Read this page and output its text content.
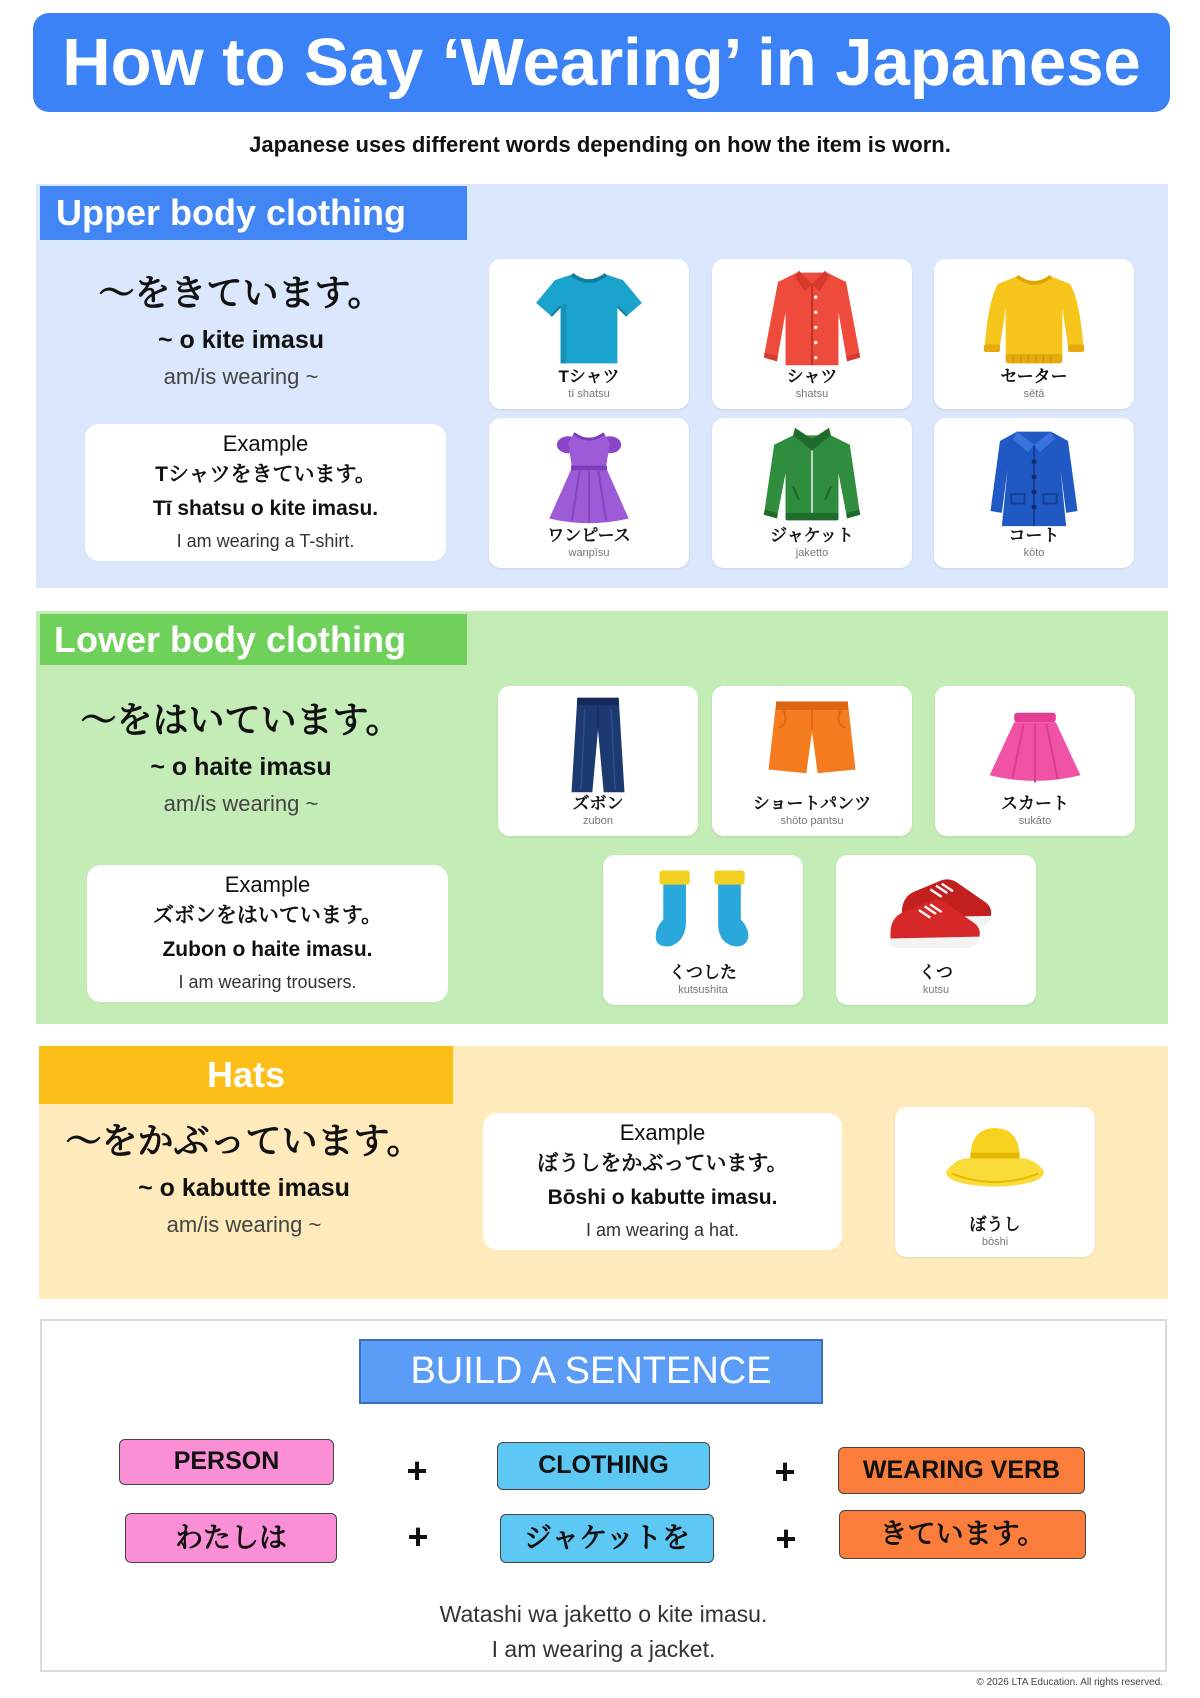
How to Say ‘Wearing’ in Japanese
Japanese uses different words depending on how the item is worn.
Upper body clothing
〜をきています。
~ o kite imasu
am/is wearing ~
Example
Tシャツをきています。
Tī shatsu o kite imasu.
I am wearing a T-shirt.
Tシャツ
tī shatsu
シャツ
shatsu
セーター
sētā
ワンピース
wanpīsu
ジャケット
jaketto
コート
kōto
Lower body clothing
〜をはいています。
~ o haite imasu
am/is wearing ~
Example
ズボンをはいています。
Zubon o haite imasu.
I am wearing trousers.
ズボン
zubon
ショートパンツ
shōto pantsu
スカート
sukāto
くつした
kutsushita
くつ
kutsu
Hats
〜をかぶっています。
~ o kabutte imasu
am/is wearing ~
Example
ぼうしをかぶっています。
Bōshi o kabutte imasu.
I am wearing a hat.	ぼうし
bōshi
BUILD A SENTENCE
PERSON	+	CLOTHING	+	WEARING VERB
わたしは	+	ジャケットを	+	きています。
Watashi wa jaketto o kite imasu.
I am wearing a jacket.
© 2026 LTA Education. All rights reserved.
